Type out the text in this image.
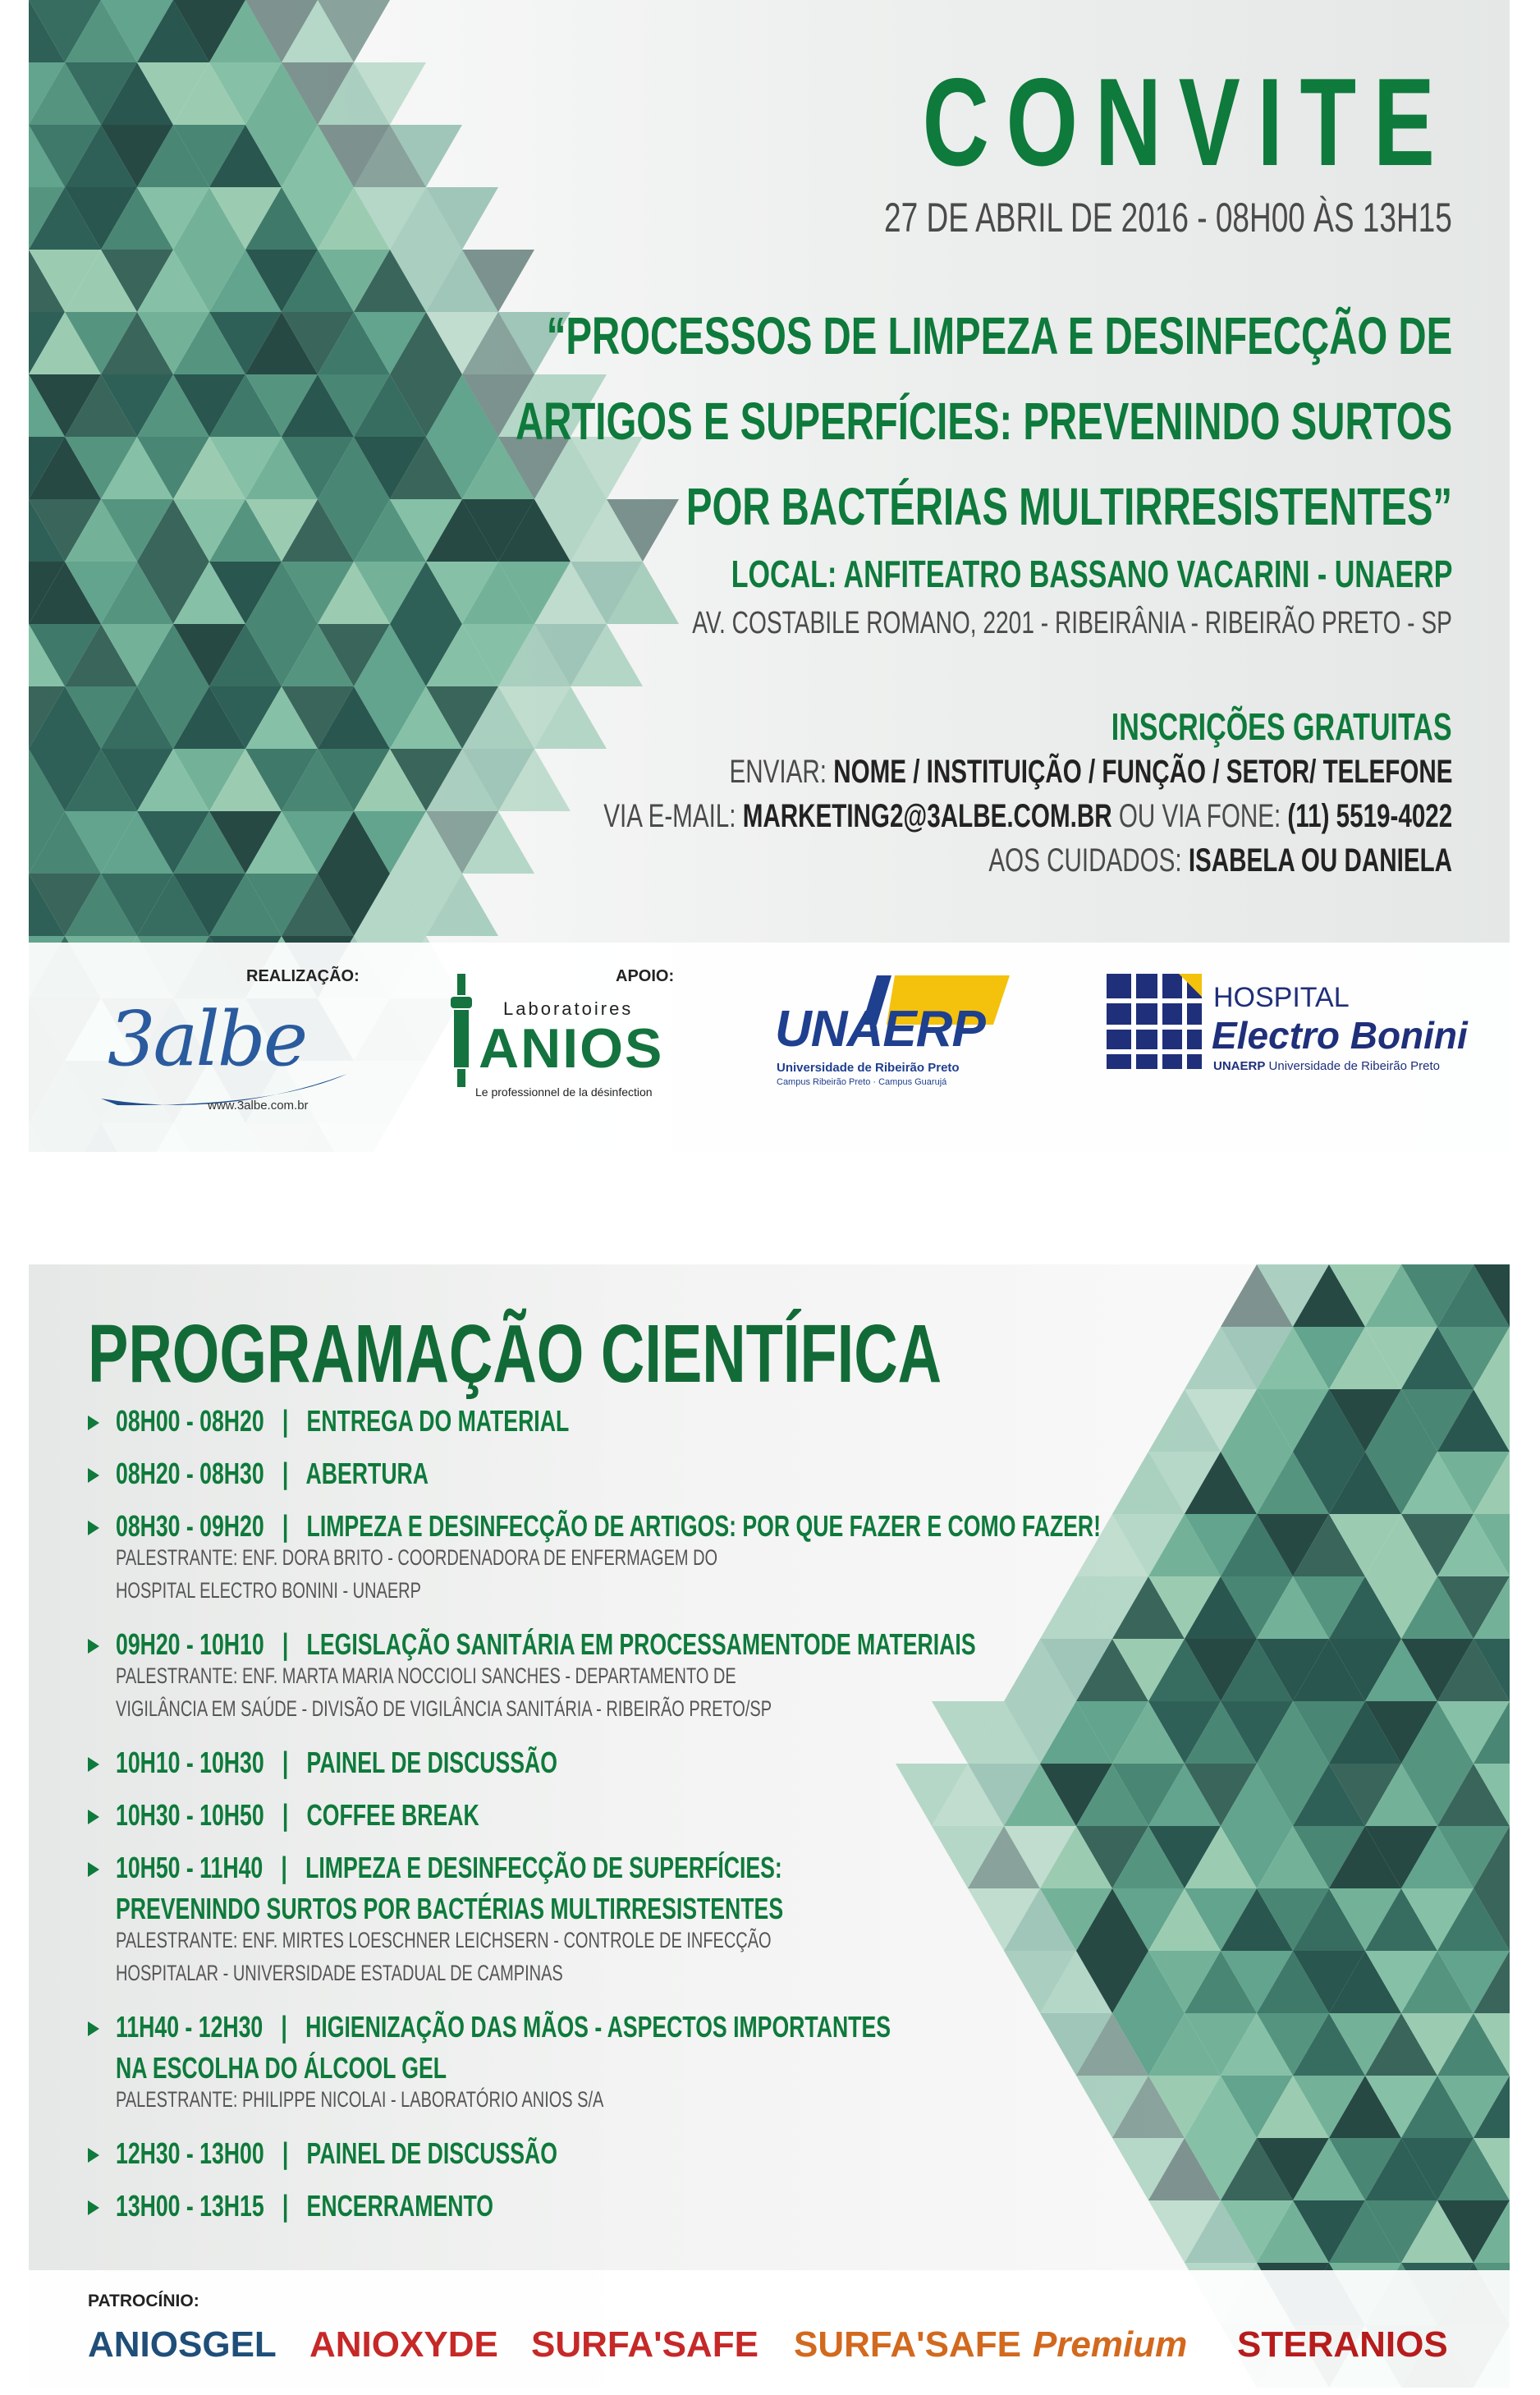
CONVITE
27 DE ABRIL DE 2016 - 08H00 ÀS 13H15
“PROCESSOS DE LIMPEZA E DESINFECÇÃO DE
ARTIGOS E SUPERFÍCIES: PREVENINDO SURTOS
POR BACTÉRIAS MULTIRRESISTENTES”
LOCAL: ANFITEATRO BASSANO VACARINI - UNAERP
AV. COSTABILE ROMANO, 2201 - RIBEIRÂNIA - RIBEIRÃO PRETO - SP
INSCRIÇÕES GRATUITAS
ENVIAR: NOME / INSTITUIÇÃO / FUNÇÃO / SETOR/ TELEFONE
VIA E-MAIL: MARKETING2@3ALBE.COM.BR OU VIA FONE: (11) 5519-4022
AOS CUIDADOS: ISABELA OU DANIELA
REALIZAÇÃO:
3albe
www.3albe.com.br
APOIO:
Laboratoires
ANIOS
Le professionnel de la désinfection
UNAERP
Universidade de Ribeirão Preto
Campus Ribeirão Preto · Campus Guarujá
HOSPITAL
Electro Bonini
UNAERP Universidade de Ribeirão Preto
PROGRAMAÇÃO CIENTÍFICA
08H00 - 08H20   |   ENTREGA DO MATERIAL
08H20 - 08H30   |   ABERTURA
08H30 - 09H20   |   LIMPEZA E DESINFECÇÃO DE ARTIGOS: POR QUE FAZER E COMO FAZER!
PALESTRANTE: ENF. DORA BRITO - COORDENADORA DE ENFERMAGEM DO
HOSPITAL ELECTRO BONINI - UNAERP
09H20 - 10H10   |   LEGISLAÇÃO SANITÁRIA EM PROCESSAMENTODE MATERIAIS
PALESTRANTE: ENF. MARTA MARIA NOCCIOLI SANCHES - DEPARTAMENTO DE
VIGILÂNCIA EM SAÚDE - DIVISÃO DE VIGILÂNCIA SANITÁRIA - RIBEIRÃO PRETO/SP
10H10 - 10H30   |   PAINEL DE DISCUSSÃO
10H30 - 10H50   |   COFFEE BREAK
10H50 - 11H40   |   LIMPEZA E DESINFECÇÃO DE SUPERFÍCIES:
PREVENINDO SURTOS POR BACTÉRIAS MULTIRRESISTENTES
PALESTRANTE: ENF. MIRTES LOESCHNER LEICHSERN - CONTROLE DE INFECÇÃO
HOSPITALAR - UNIVERSIDADE ESTADUAL DE CAMPINAS
11H40 - 12H30   |   HIGIENIZAÇÃO DAS MÃOS - ASPECTOS IMPORTANTES
NA ESCOLHA DO ÁLCOOL GEL
PALESTRANTE: PHILIPPE NICOLAI - LABORATÓRIO ANIOS S/A
12H30 - 13H00   |   PAINEL DE DISCUSSÃO
13H00 - 13H15   |   ENCERRAMENTO
PATROCÍNIO:
ANIOSGEL ANIOXYDE SURFA'SAFE SURFA'SAFE Premium STERANIOS
